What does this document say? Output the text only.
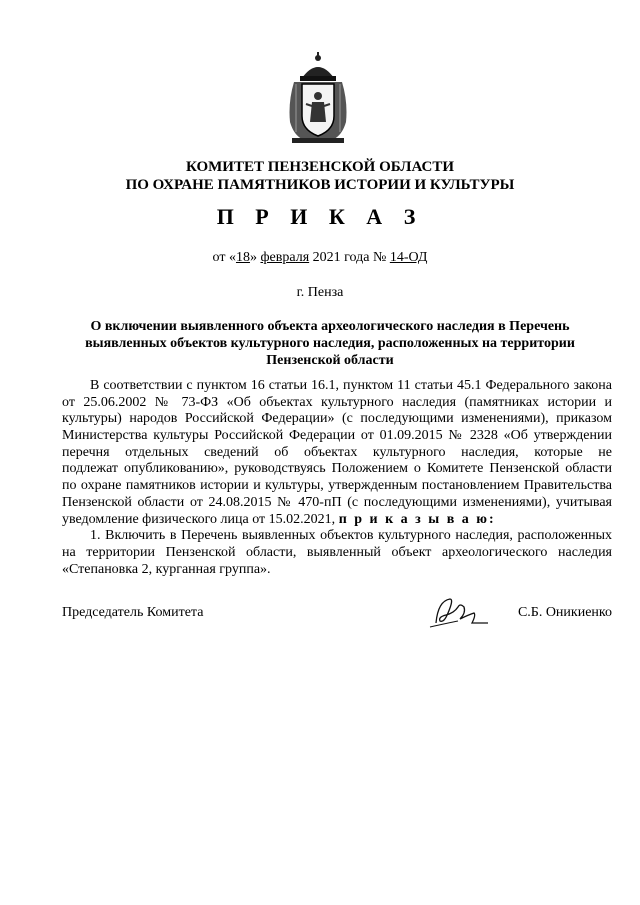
КОМИТЕТ ПЕНЗЕНСКОЙ ОБЛАСТИ
ПО ОХРАНЕ ПАМЯТНИКОВ ИСТОРИИ И КУЛЬТУРЫ
П Р И К А З
от «18» февраля 2021 года № 14-ОД
г. Пенза
О включении выявленного объекта археологического наследия в Перечень
выявленных объектов культурного наследия, расположенных на территории
Пензенской области
В соответствии с пунктом 16 статьи 16.1, пунктом 11 статьи 45.1 Федерального закона
от 25.06.2002 № 73-ФЗ «Об объектах культурного наследия (памятниках истории и
культуры) народов Российской Федерации» (с последующими изменениями), приказом
Министерства культуры Российской Федерации от 01.09.2015 № 2328 «Об утверждении
перечня отдельных сведений об объектах культурного наследия, которые не
подлежат опубликованию», руководствуясь Положением о Комитете Пензенской области
по охране памятников истории и культуры, утвержденным постановлением Правительства
Пензенской области от 24.08.2015 № 470-пП (с последующими изменениями), учитывая
уведомление физического лица от 15.02.2021, п р и к а з ы в а ю:
1. Включить в Перечень выявленных объектов культурного наследия, расположенных
на территории Пензенской области, выявленный объект археологического наследия
«Степановка 2, курганная группа».
Председатель Комитета	С.Б. Оникиенко
